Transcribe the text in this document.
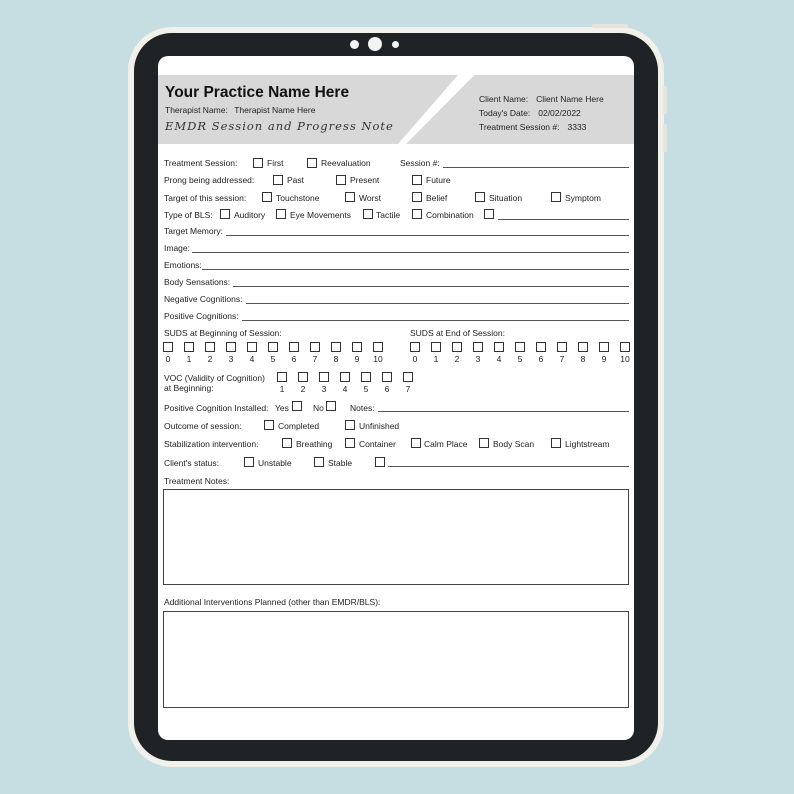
Your Practice Name Here
Therapist Name: Therapist Name Here
EMDR Session and Progress Note
Client Name: Client Name Here
Today's Date: 02/02/2022
Treatment Session #: 3333
Treatment Session:	First	Reevaluation	Session #:
Prong being addressed:	Past	Present	Future
Target of this session:	Touchstone	Worst	Belief	Situation	Symptom
Type of BLS:	Auditory	Eye Movements	Tactile	Combination
Target Memory:
Image:
Emotions:
Body Sensations:
Negative Cognitions:
Positive Cognitions:
SUDS at Beginning of Session:	SUDS at End of Session:
0	1	2	3	4	5	6	7	8	9	10	0	1	2	3	4	5	6	7	8	9	10
VOC (Validity of Cognition)
at Beginning:	1	2	3	4	5	6	7
Positive Cognition Installed: Yes	No	Notes:
Outcome of session:	Completed	Unfinished
Stabilization intervention:	Breathing	Container	Calm Place	Body Scan	Lightstream
Client's status:	Unstable	Stable
Treatment Notes:
Additional Interventions Planned (other than EMDR/BLS):
